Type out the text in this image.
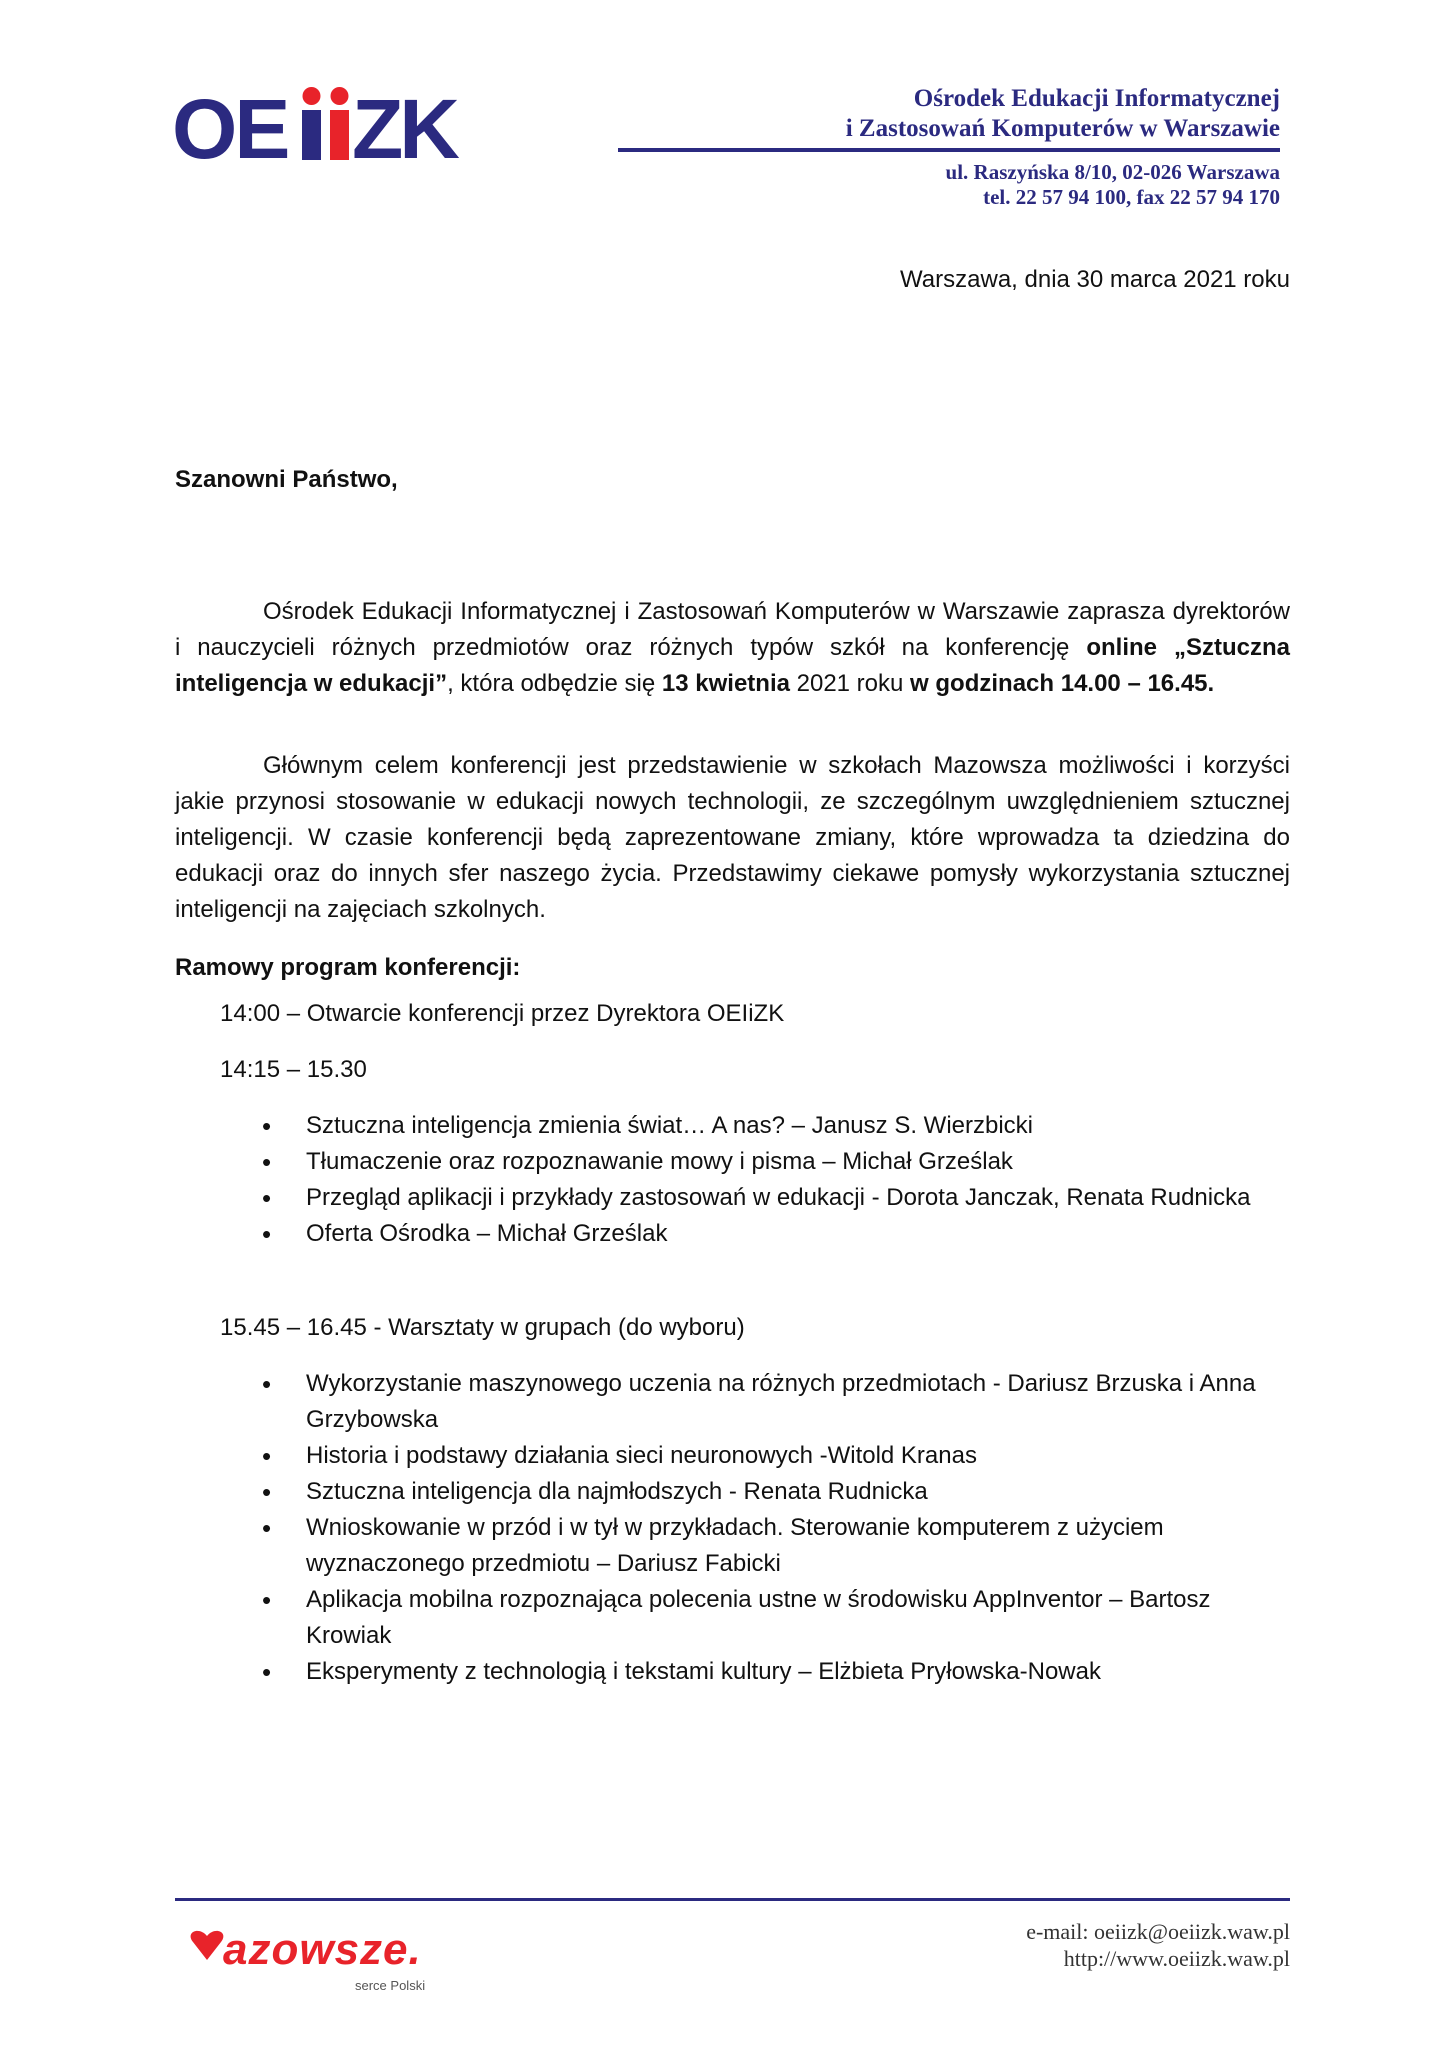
OE ZK	Ośrodek Edukacji Informatycznej
i Zastosowań Komputerów w Warszawie
ul. Raszyńska 8/10, 02-026 Warszawa
tel. 22 57 94 100, fax 22 57 94 170
Warszawa, dnia 30 marca 2021 roku
Szanowni Państwo,
Ośrodek Edukacji Informatycznej i Zastosowań Komputerów w Warszawie zaprasza dyrektorów i nauczycieli różnych przedmiotów oraz różnych typów szkół na konferencję online „Sztuczna inteligencja w edukacji”, która odbędzie się 13 kwietnia 2021 roku w godzinach 14.00 – 16.45.
Głównym celem konferencji jest przedstawienie w szkołach Mazowsza możliwości i korzyści jakie przynosi stosowanie w edukacji nowych technologii, ze szczególnym uwzględnieniem sztucznej inteligencji. W czasie konferencji będą zaprezentowane zmiany, które wprowadza ta dziedzina do edukacji oraz do innych sfer naszego życia. Przedstawimy ciekawe pomysły wykorzystania sztucznej inteligencji na zajęciach szkolnych.
Ramowy program konferencji:
14:00 – Otwarcie konferencji przez Dyrektora OEIiZK
14:15 – 15.30
• Sztuczna inteligencja zmienia świat… A nas? – Janusz S. Wierzbicki
• Tłumaczenie oraz rozpoznawanie mowy i pisma – Michał Grześlak
• Przegląd aplikacji i przykłady zastosowań w edukacji - Dorota Janczak, Renata Rudnicka
• Oferta Ośrodka – Michał Grześlak
15.45 – 16.45 - Warsztaty w grupach (do wyboru)
• Wykorzystanie maszynowego uczenia na różnych przedmiotach - Dariusz Brzuska i Anna Grzybowska
• Historia i podstawy działania sieci neuronowych -Witold Kranas
• Sztuczna inteligencja dla najmłodszych - Renata Rudnicka
• Wnioskowanie w przód i w tył w przykładach. Sterowanie komputerem z użyciem wyznaczonego przedmiotu – Dariusz Fabicki
• Aplikacja mobilna rozpoznająca polecenia ustne w środowisku AppInventor – Bartosz Krowiak
• Eksperymenty z technologią i tekstami kultury – Elżbieta Pryłowska-Nowak
azowsze.
serce Polski
e-mail: oeiizk@oeiizk.waw.pl
http://www.oeiizk.waw.pl
